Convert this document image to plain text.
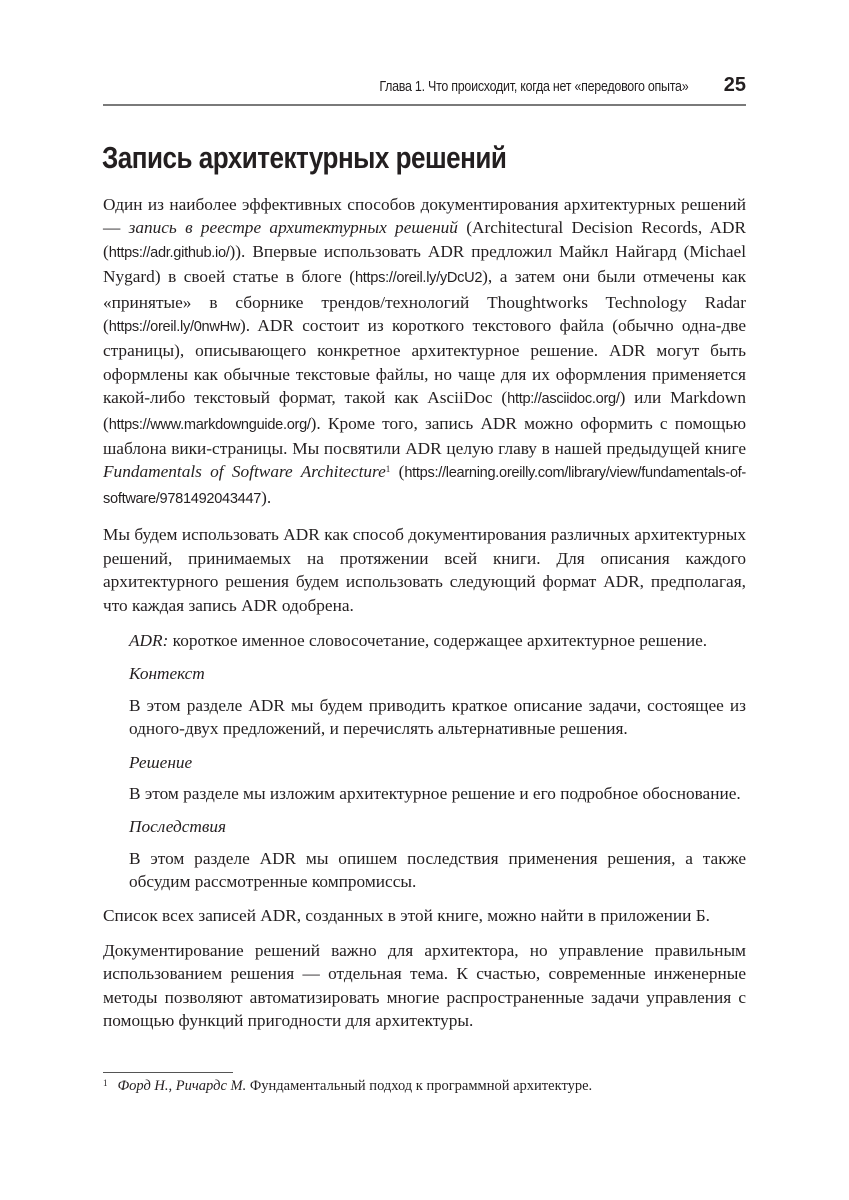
Глава 1. Что происходит, когда нет «передового опыта» 25
Запись архитектурных решений

Один из наиболее эффективных способов документирования архитектурных решений — запись в реестре архитектурных решений (Architectural Decision Records, ADR (https://adr.github.io/)). Впервые использовать ADR предложил Майкл Найгард (Michael Nygard) в своей статье в блоге (https://oreil.ly/yDcU2), а затем они были отмечены как «принятые» в сборнике трендов/технологий Thoughtworks Technology Radar (https://oreil.ly/0nwHw). ADR состоит из короткого текстового файла (обычно одна-две страницы), описывающего конкретное архитектурное решение. ADR могут быть оформлены как обычные текстовые файлы, но чаще для их оформления применяется какой-либо текстовый формат, такой как AsciiDoc (http://asciidoc.org/) или Markdown (https://www.markdownguide.org/). Кроме того, запись ADR можно оформить с помощью шаблона вики-страницы. Мы посвятили ADR целую главу в нашей предыдущей книге Fundamentals of Software Architecture$^1$ (https://learning.oreilly.com/library/view/fundamentals-of-software/9781492043447).

Мы будем использовать ADR как способ документирования различных архитектурных решений, принимаемых на протяжении всей книги. Для описания каждого архитектурного решения будем использовать следующий формат ADR, предполагая, что каждая запись ADR одобрена.

ADR: короткое именное словосочетание, содержащее архитектурное решение.

Контекст

В этом разделе ADR мы будем приводить краткое описание задачи, состоящее из одного-двух предложений, и перечислять альтернативные решения.

Решение

В этом разделе мы изложим архитектурное решение и его подробное обоснование.

Последствия

В этом разделе ADR мы опишем последствия применения решения, а также обсудим рассмотренные компромиссы.

Список всех записей ADR, созданных в этой книге, можно найти в приложении Б.

Документирование решений важно для архитектора, но управление правильным использованием решения — отдельная тема. К счастью, современные инженерные методы позволяют автоматизировать многие распространенные задачи управления с помощью функций пригодности для архитектуры.

$^1$ Форд Н., Ричардс М. Фундаментальный подход к программной архитектуре.
